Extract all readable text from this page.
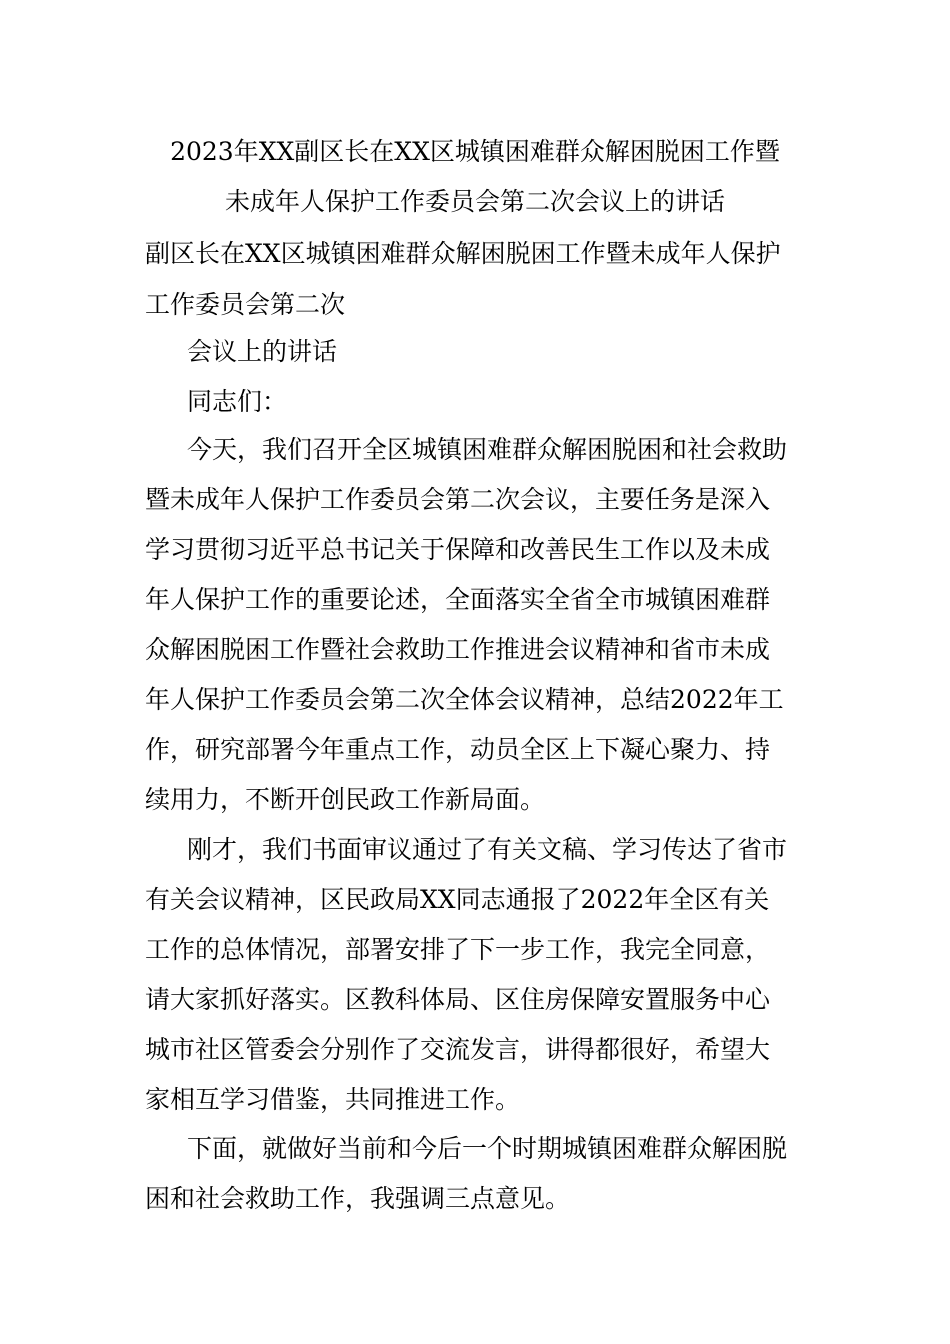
2023年XX副区长在XX区城镇困难群众解困脱困工作暨
未成年人保护工作委员会第二次会议上的讲话
副区长在XX区城镇困难群众解困脱困工作暨未成年人保护
工作委员会第二次
会议上的讲话
同志们：
今天，我们召开全区城镇困难群众解困脱困和社会救助
暨未成年人保护工作委员会第二次会议，主要任务是深入
学习贯彻习近平总书记关于保障和改善民生工作以及未成
年人保护工作的重要论述，全面落实全省全市城镇困难群
众解困脱困工作暨社会救助工作推进会议精神和省市未成
年人保护工作委员会第二次全体会议精神，总结2022年工
作，研究部署今年重点工作，动员全区上下凝心聚力、持
续用力，不断开创民政工作新局面。
刚才，我们书面审议通过了有关文稿、学习传达了省市
有关会议精神，区民政局XX同志通报了2022年全区有关
工作的总体情况，部署安排了下一步工作，我完全同意，
请大家抓好落实。区教科体局、区住房保障安置服务中心
城市社区管委会分别作了交流发言，讲得都很好，希望大
家相互学习借鉴，共同推进工作。
下面，就做好当前和今后一个时期城镇困难群众解困脱
困和社会救助工作，我强调三点意见。
